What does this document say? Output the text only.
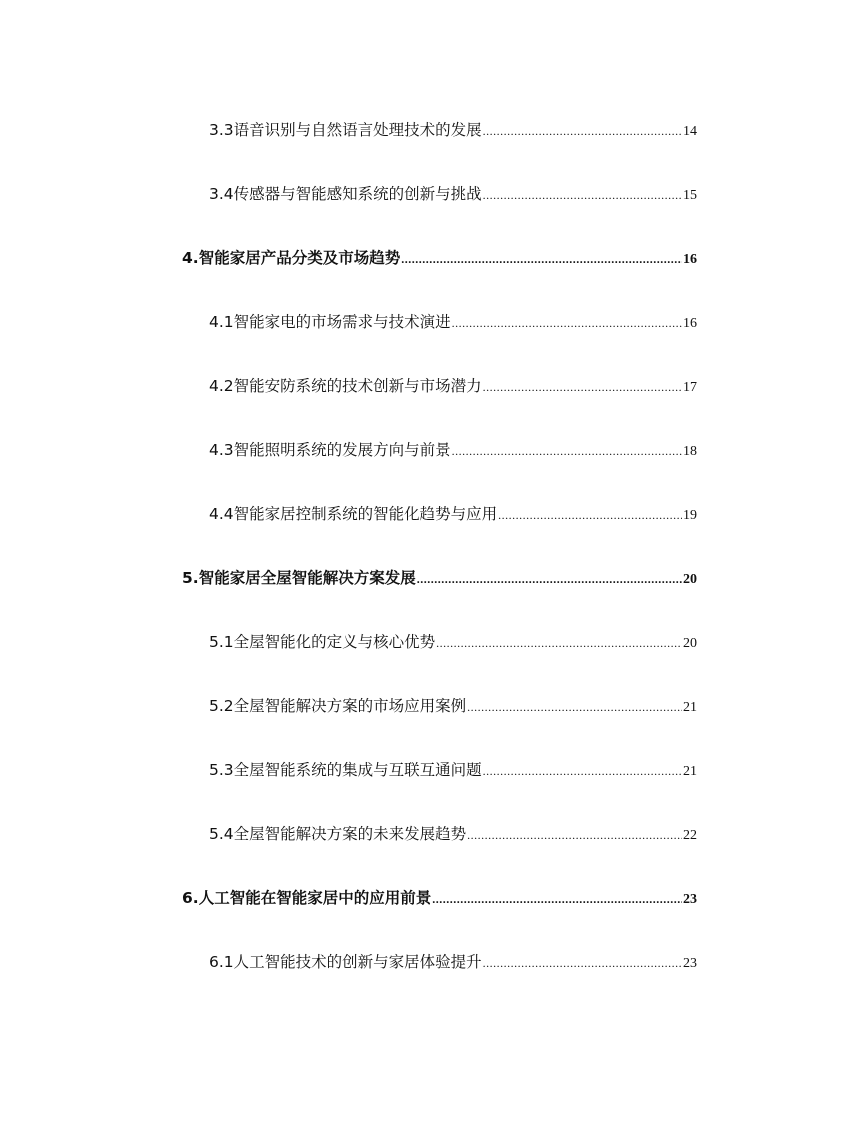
3.3 语音识别与自然语言处理技术的发展 .....	14
3.4 传感器与智能感知系统的创新与挑战 .....	15
4. 智能家居产品分类及市场趋势 .....	16
4.1 智能家电的市场需求与技术演进 .....	16
4.2 智能安防系统的技术创新与市场潜力 .....	17
4.3 智能照明系统的发展方向与前景 .....	18
4.4 智能家居控制系统的智能化趋势与应用 .....	19
5. 智能家居全屋智能解决方案发展 .....	20
5.1 全屋智能化的定义与核心优势 .....	20
5.2 全屋智能解决方案的市场应用案例 .....	21
5.3 全屋智能系统的集成与互联互通问题 .....	21
5.4 全屋智能解决方案的未来发展趋势 .....	22
6. 人工智能在智能家居中的应用前景 .....	23
6.1 人工智能技术的创新与家居体验提升 .....	23
